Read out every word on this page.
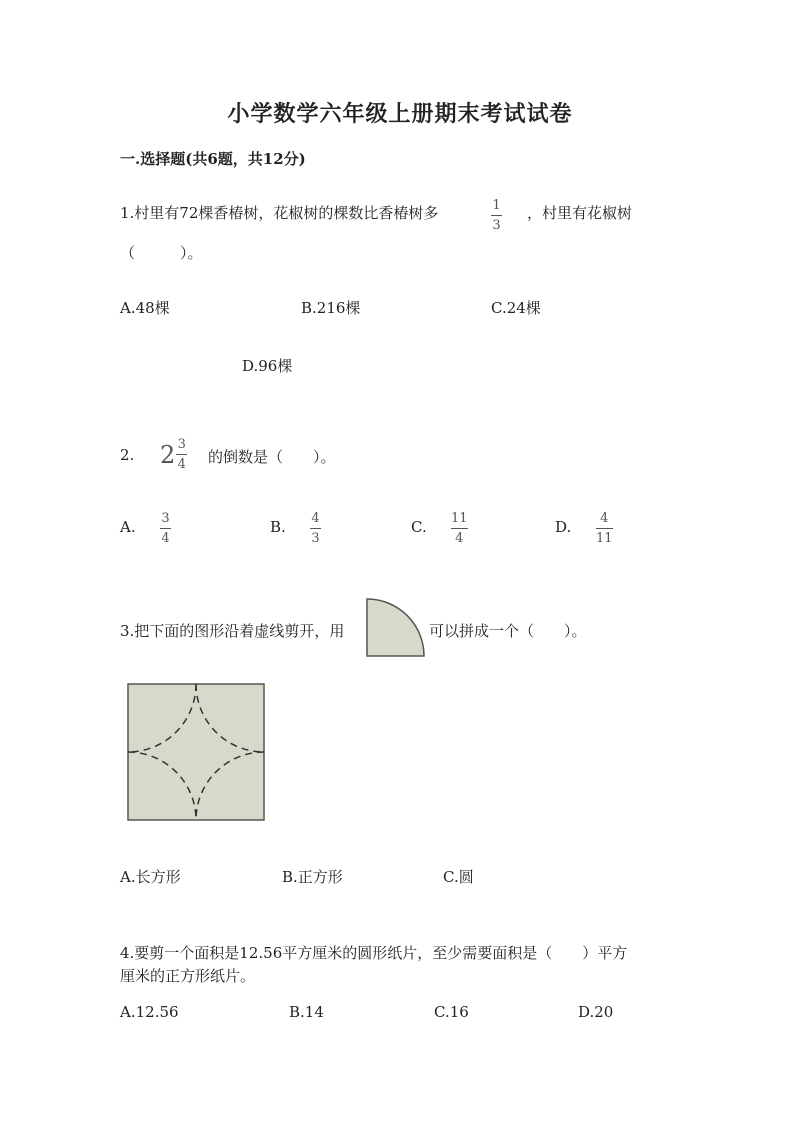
小学数学六年级上册期末考试试卷
一.选择题(共6题，共12分)
1.村里有72棵香椿树，花椒树的棵数比香椿树多	1
3
，村里有花椒树
（　　　）。
A.48棵	B.216棵	C.24棵
D.96棵
2. $2 \frac{3}{4}$ 的倒数是（　　）。
A. 3
4
B. 4
3
C. 11
4
D. 4
11
3.把下面的图形沿着虚线剪开，用	可以拼成一个（　　）。
A.长方形	B.正方形	C.圆
4.要剪一个面积是12.56平方厘米的圆形纸片，至少需要面积是（　　）平方
厘米的正方形纸片。
A.12.56	B.14	C.16	D.20
